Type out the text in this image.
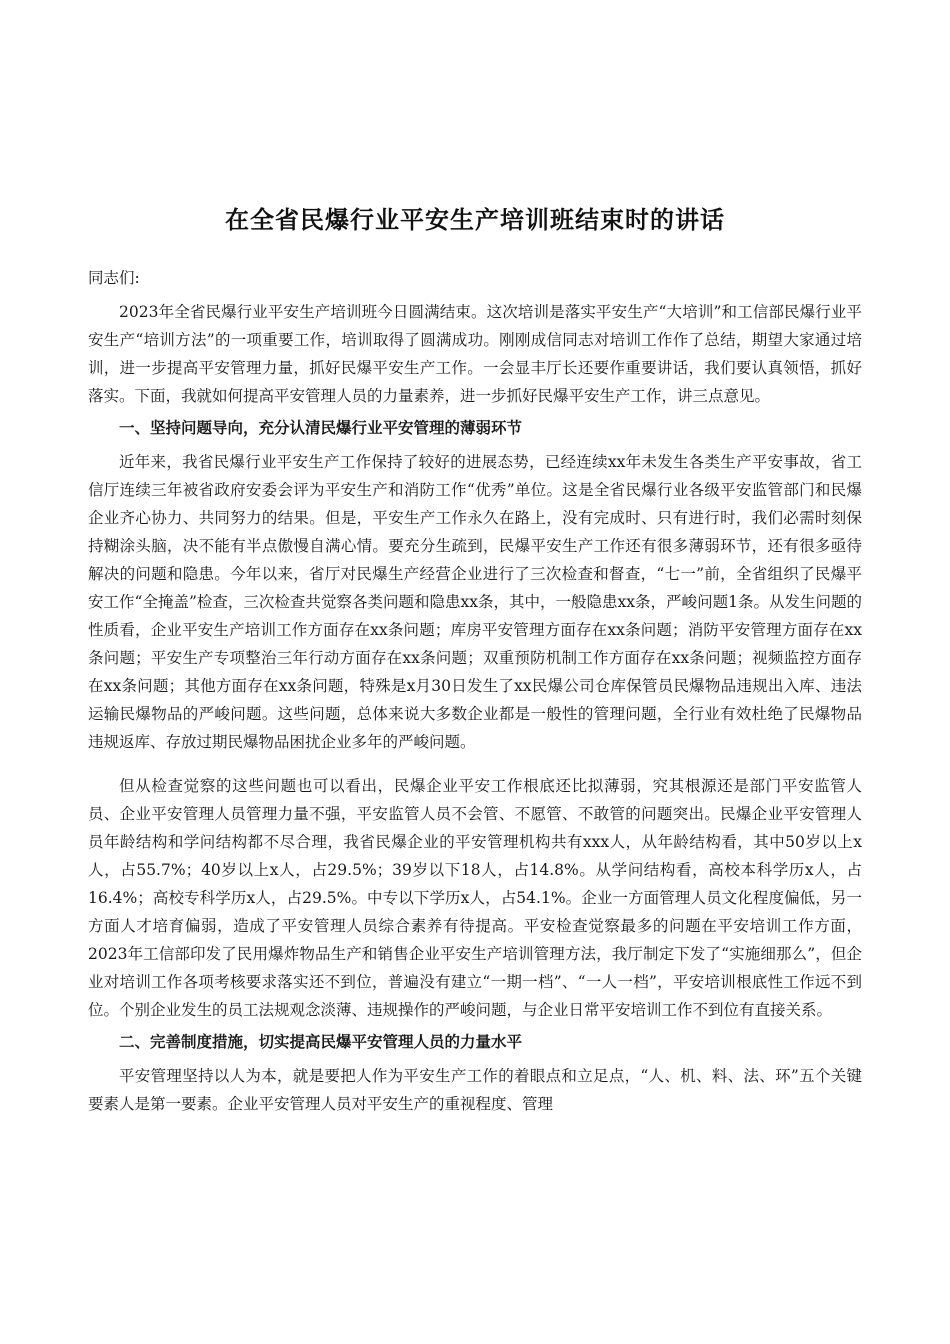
在全省民爆行业平安生产培训班结束时的讲话

同志们:

2023年全省民爆行业平安生产培训班今日圆满结束。这次培训是落实平安生产“大培训”和工信部民爆行业平安生产“培训方法”的一项重要工作，培训取得了圆满成功。刚刚成信同志对培训工作作了总结，期望大家通过培训，进一步提高平安管理力量，抓好民爆平安生产工作。一会显丰厅长还要作重要讲话，我们要认真领悟，抓好落实。下面，我就如何提高平安管理人员的力量素养，进一步抓好民爆平安生产工作，讲三点意见。

一、坚持问题导向，充分认清民爆行业平安管理的薄弱环节

近年来，我省民爆行业平安生产工作保持了较好的进展态势，已经连续xx年未发生各类生产平安事故，省工信厅连续三年被省政府安委会评为平安生产和消防工作“优秀”单位。这是全省民爆行业各级平安监管部门和民爆企业齐心协力、共同努力的结果。但是，平安生产工作永久在路上，没有完成时、只有进行时，我们必需时刻保持糊涂头脑，决不能有半点傲慢自满心情。要充分生疏到，民爆平安生产工作还有很多薄弱环节，还有很多亟待解决的问题和隐患。今年以来，省厅对民爆生产经营企业进行了三次检查和督查，“七一”前，全省组织了民爆平安工作“全掩盖”检查，三次检查共觉察各类问题和隐患xx条，其中，一般隐患xx条，严峻问题1条。从发生问题的性质看，企业平安生产培训工作方面存在xx条问题；库房平安管理方面存在xx条问题；消防平安管理方面存在xx条问题；平安生产专项整治三年行动方面存在xx条问题；双重预防机制工作方面存在xx条问题；视频监控方面存在xx条问题；其他方面存在xx条问题，特殊是x月30日发生了xx民爆公司仓库保管员民爆物品违规出入库、违法运输民爆物品的严峻问题。这些问题，总体来说大多数企业都是一般性的管理问题，全行业有效杜绝了民爆物品违规返库、存放过期民爆物品困扰企业多年的严峻问题。

但从检查觉察的这些问题也可以看出，民爆企业平安工作根底还比拟薄弱，究其根源还是部门平安监管人员、企业平安管理人员管理力量不强，平安监管人员不会管、不愿管、不敢管的问题突出。民爆企业平安管理人员年龄结构和学问结构都不尽合理，我省民爆企业的平安管理机构共有xxx人，从年龄结构看，其中50岁以上x人，占55.7%；40岁以上x人，占29.5%；39岁以下18人，占14.8%。从学问结构看，高校本科学历x人，占16.4%；高校专科学历x人，占29.5%。中专以下学历x人，占54.1%。企业一方面管理人员文化程度偏低，另一方面人才培育偏弱，造成了平安管理人员综合素养有待提高。平安检查觉察最多的问题在平安培训工作方面，2023年工信部印发了民用爆炸物品生产和销售企业平安生产培训管理方法，我厅制定下发了“实施细那么”，但企业对培训工作各项考核要求落实还不到位，普遍没有建立“一期一档”、“一人一档”，平安培训根底性工作远不到位。个别企业发生的员工法规观念淡薄、违规操作的严峻问题，与企业日常平安培训工作不到位有直接关系。

二、完善制度措施，切实提高民爆平安管理人员的力量水平

平安管理坚持以人为本，就是要把人作为平安生产工作的着眼点和立足点，“人、机、料、法、环”五个关键要素人是第一要素。企业平安管理人员对平安生产的重视程度、管理
